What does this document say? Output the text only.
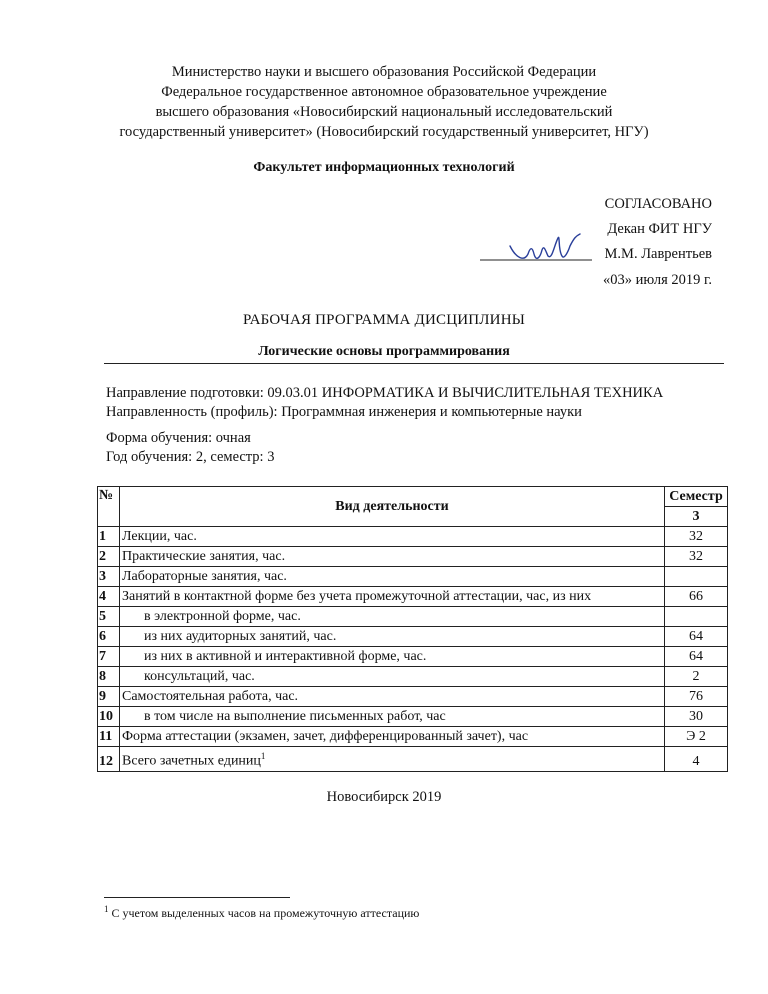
Министерство науки и высшего образования Российской Федерации
Федеральное государственное автономное образовательное учреждение
высшего образования «Новосибирский национальный исследовательский
государственный университет» (Новосибирский государственный университет, НГУ)
Факультет информационных технологий
СОГЛАСОВАНО
Декан ФИТ НГУ
М.М. Лаврентьев
«03» июля 2019 г.
РАБОЧАЯ ПРОГРАММА ДИСЦИПЛИНЫ
Логические основы программирования
Направление подготовки: 09.03.01 ИНФОРМАТИКА И ВЫЧИСЛИТЕЛЬНАЯ ТЕХНИКА
Направленность (профиль): Программная инженерия и компьютерные науки
Форма обучения: очная
Год обучения: 2, семестр: 3
№	Вид деятельности	Семестр
		3
1	Лекции, час.	32
2	Практические занятия, час.	32
3	Лабораторные занятия, час.	
4	Занятий в контактной форме без учета промежуточной аттестации, час, из них	66
5	в электронной форме, час.	
6	из них аудиторных занятий, час.	64
7	из них в активной и интерактивной форме, час.	64
8	консультаций, час.	2
9	Самостоятельная работа, час.	76
10	в том числе на выполнение письменных работ, час	30
11	Форма аттестации (экзамен, зачет, дифференцированный зачет), час	Э 2
12	Всего зачетных единиц$^1$	4
Новосибирск 2019
$^1$ С учетом выделенных часов на промежуточную аттестацию
